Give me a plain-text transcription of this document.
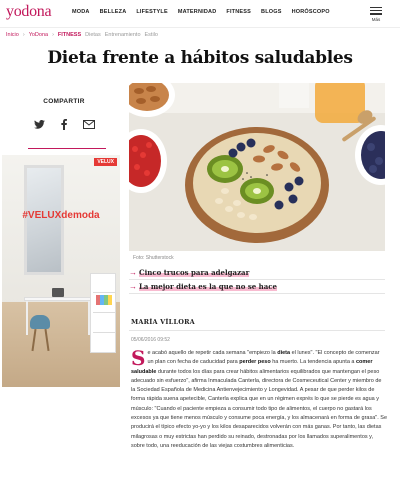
yodona	MODA BELLEZA LIFESTYLE MATERNIDAD FITNESS BLOGS HORÓSCOPO
Más
Inicio › YoDona › FITNESS Dietas Entrenamiento Estilo
Dieta frente a hábitos saludables
COMPARTIR
VELUX
#VELUXdemoda
Foto: Shutterstock
→ Cinco trucos para adelgazar
→ La mejor dieta es la que no se hace
MARÍA VÍLLORA
05/06/2016 09:52
Se acabó aquello de repetir cada semana "empiezo la dieta el lunes". "El concepto de comenzar un plan con fecha de caducidad para perder peso ha muerto. La tendencia apunta a comer saludable durante todos los días para crear hábitos alimentarios equilibrados que mantengan el peso adecuado sin esfuerzo", afirma Inmaculada Canterla, directora de Cosmeceutical Center y miembro de la Sociedad Española de Medicina Antienvejecimiento y Longevidad. A pesar de que perder kilos de forma rápida suena apetecible, Canterla explica que en un régimen exprés lo que se pierde es agua y músculo: "Cuando el paciente empieza a consumir todo tipo de alimentos, el cuerpo no gastará los excesos ya que tiene menos músculo y consume poca energía, y los almacenará en forma de grasa". Se producirá el típico efecto yo-yo y los kilos desaparecidos volverán con más ganas. Por tanto, las dietas milagrosas o muy estrictas han perdido su reinado, destronadas por los llamados superalimentos y, sobre todo, una reeducación de las viejas costumbres alimenticias.
